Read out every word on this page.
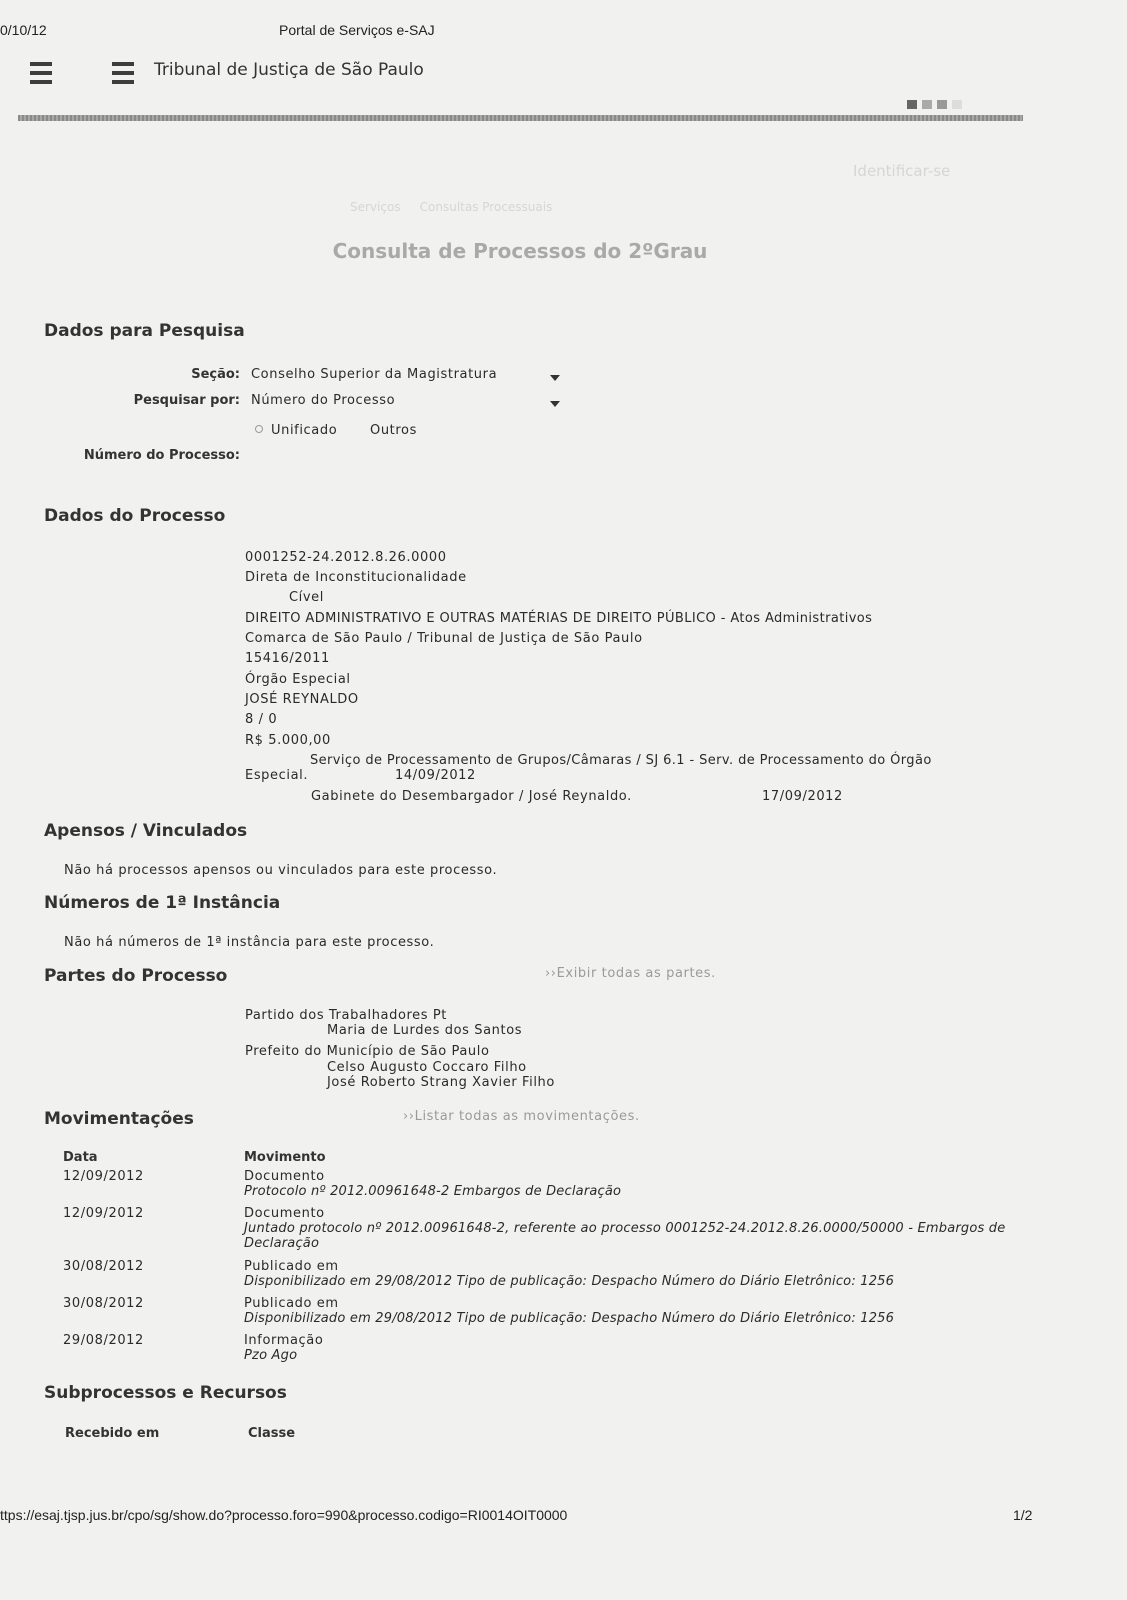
0/10/12	Portal de Serviços e-SAJ
Tribunal de Justiça de São Paulo
Identificar-se
Serviços Consultas Processuais
Consulta de Processos do 2ºGrau
Dados para Pesquisa
Seção: Conselho Superior da Magistratura
Pesquisar por: Número do Processo
Unificado	Outros
Número do Processo:
Dados do Processo
0001252-24.2012.8.26.0000
Direta de Inconstitucionalidade
Cível
DIREITO ADMINISTRATIVO E OUTRAS MATÉRIAS DE DIREITO PÚBLICO - Atos Administrativos
Comarca de São Paulo / Tribunal de Justiça de São Paulo
15416/2011
Órgão Especial
JOSÉ REYNALDO
8 / 0
R$ 5.000,00
Serviço de Processamento de Grupos/Câmaras / SJ 6.1 - Serv. de Processamento do Órgão
Especial.	14/09/2012
Gabinete do Desembargador / José Reynaldo.	17/09/2012
Apensos / Vinculados
Não há processos apensos ou vinculados para este processo.
Números de 1ª Instância
Não há números de 1ª instância para este processo.
Partes do Processo	››Exibir todas as partes.
Partido dos Trabalhadores Pt
Maria de Lurdes dos Santos
Prefeito do Município de São Paulo
Celso Augusto Coccaro Filho
José Roberto Strang Xavier Filho
Movimentações	››Listar todas as movimentações.
Data	Movimento
12/09/2012	Documento
Protocolo nº 2012.00961648-2 Embargos de Declaração
12/09/2012	Documento
Juntado protocolo nº 2012.00961648-2, referente ao processo 0001252-24.2012.8.26.0000/50000 - Embargos de
Declaração
30/08/2012	Publicado em
Disponibilizado em 29/08/2012 Tipo de publicação: Despacho Número do Diário Eletrônico: 1256
30/08/2012	Publicado em
Disponibilizado em 29/08/2012 Tipo de publicação: Despacho Número do Diário Eletrônico: 1256
29/08/2012	Informação
Pzo Ago
Subprocessos e Recursos
Recebido em	Classe
ttps://esaj.tjsp.jus.br/cpo/sg/show.do?processo.foro=990&processo.codigo=RI0014OIT0000	1/2
